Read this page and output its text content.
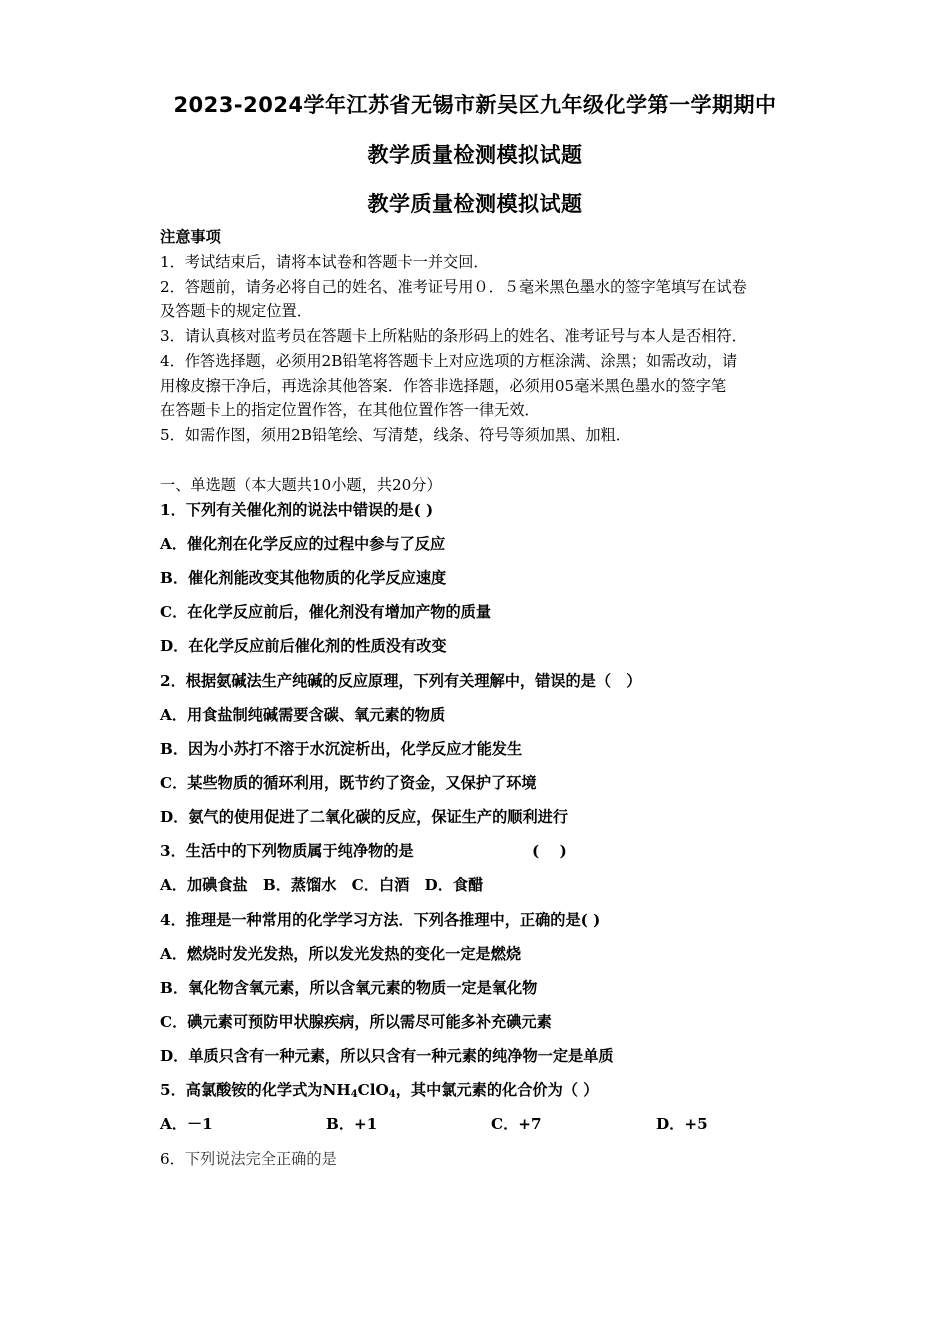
2023-2024学年江苏省无锡市新吴区九年级化学第一学期期中
教学质量检测模拟试题
教学质量检测模拟试题
注意事项
1．考试结束后，请将本试卷和答题卡一并交回．
2．答题前，请务必将自己的姓名、准考证号用０．５毫米黑色墨水的签字笔填写在试卷
及答题卡的规定位置．
3．请认真核对监考员在答题卡上所粘贴的条形码上的姓名、准考证号与本人是否相符．
4．作答选择题，必须用2B铅笔将答题卡上对应选项的方框涂满、涂黑；如需改动，请
用橡皮擦干净后，再选涂其他答案．作答非选择题，必须用05毫米黑色墨水的签字笔
在答题卡上的指定位置作答，在其他位置作答一律无效．
5．如需作图，须用2B铅笔绘、写清楚，线条、符号等须加黑、加粗．
一、单选题（本大题共10小题，共20分）
1．下列有关催化剂的说法中错误的是( )
A．催化剂在化学反应的过程中参与了反应
B．催化剂能改变其他物质的化学反应速度
C．在化学反应前后，催化剂没有增加产物的质量
D．在化学反应前后催化剂的性质没有改变
2．根据氨碱法生产纯碱的反应原理，下列有关理解中，错误的是（　）
A．用食盐制纯碱需要含碳、氧元素的物质
B．因为小苏打不溶于水沉淀析出，化学反应才能发生
C．某些物质的循环利用，既节约了资金，又保护了环境
D．氨气的使用促进了二氧化碳的反应，保证生产的顺利进行
3．生活中的下列物质属于纯净物的是	(　 )
A．加碘食盐　B．蒸馏水　C．白酒　D．食醋
4．推理是一种常用的化学学习方法．下列各推理中，正确的是( )
A．燃烧时发光发热，所以发光发热的变化一定是燃烧
B．氧化物含氧元素，所以含氧元素的物质一定是氧化物
C．碘元素可预防甲状腺疾病，所以需尽可能多补充碘元素
D．单质只含有一种元素，所以只含有一种元素的纯净物一定是单质
5．高氯酸铵的化学式为$NH_4ClO_4$，其中氯元素的化合价为（ ）
A．－1	B．+1	C．+7	D．+5
6．下列说法完全正确的是
